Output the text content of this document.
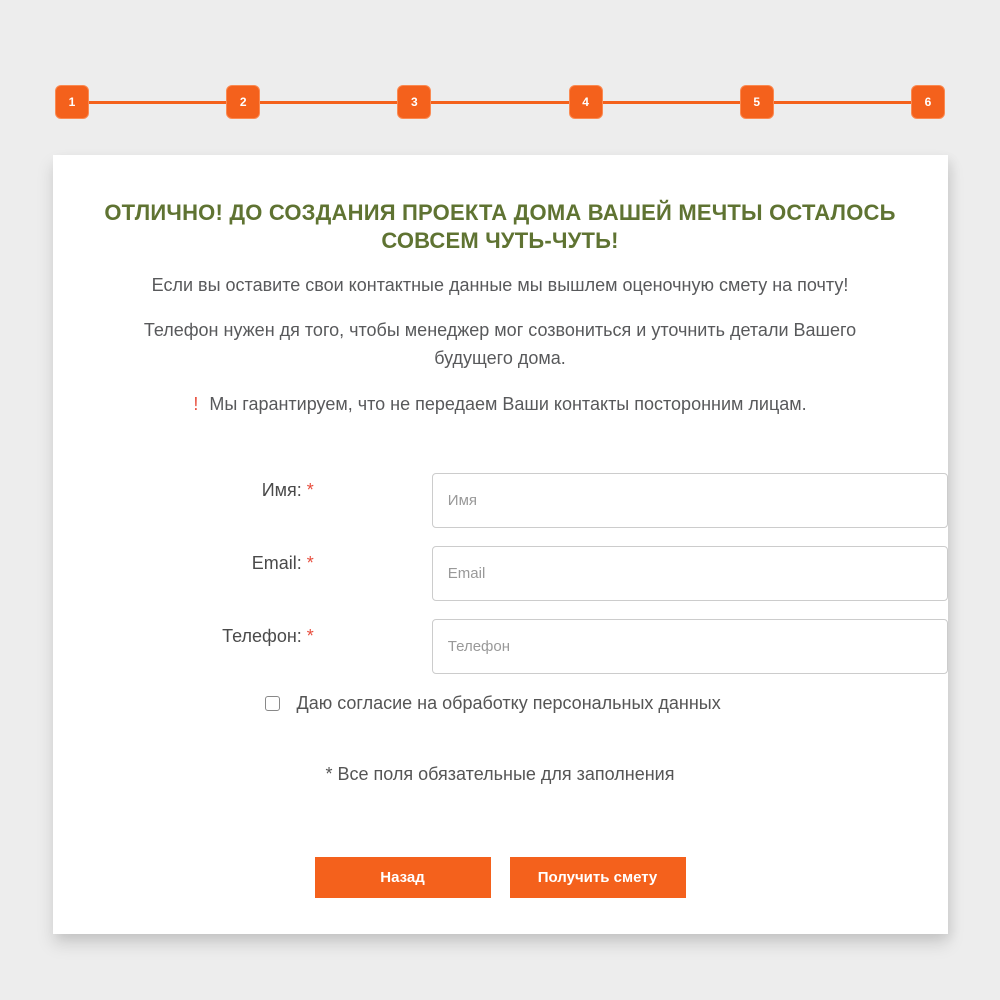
1	2	3	4	5	6
ОТЛИЧНО! ДО СОЗДАНИЯ ПРОЕКТА ДОМА ВАШЕЙ МЕЧТЫ ОСТАЛОСЬ СОВСЕМ ЧУТЬ-ЧУТЬ!

Если вы оставите свои контактные данные мы вышлем оценочную смету на почту!

Телефон нужен дя того, чтобы менеджер мог созвониться и уточнить детали Вашего будущего дома.

! Мы гарантируем, что не передаем Ваши контакты посторонним лицам.

Имя: *
Имя
Email: *
Email
Телефон: *
Телефон
Даю согласие на обработку персональных данных

* Все поля обязательные для заполнения

Назад	Получить смету
